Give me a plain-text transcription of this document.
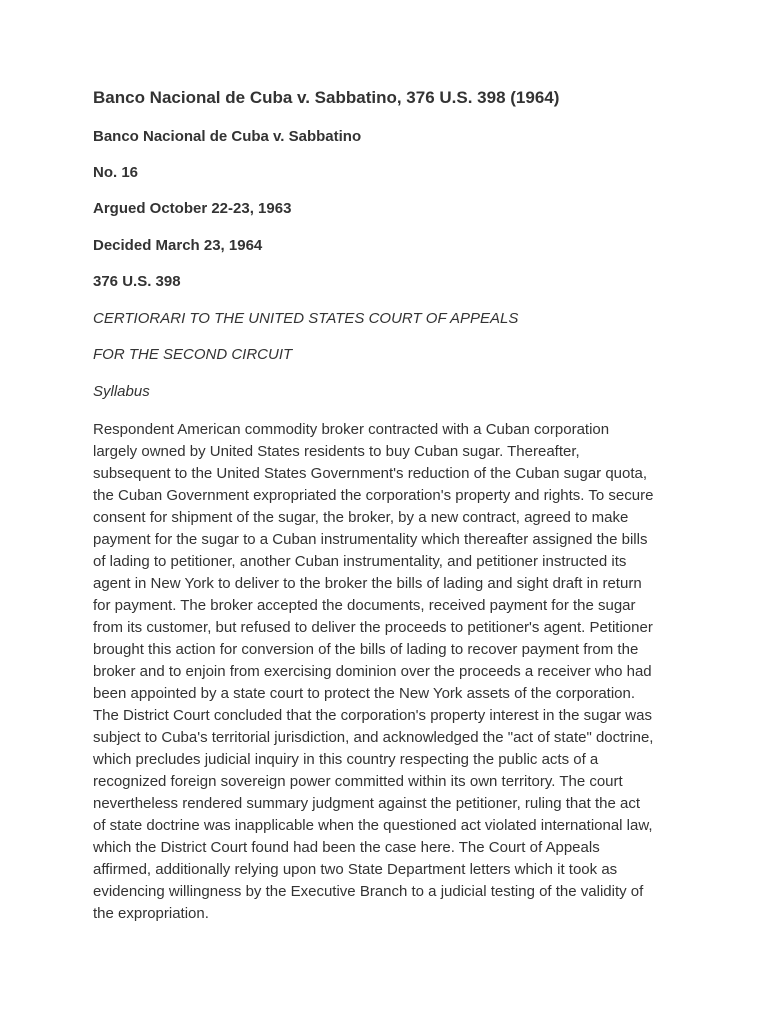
Banco Nacional de Cuba v. Sabbatino, 376 U.S. 398 (1964)

Banco Nacional de Cuba v. Sabbatino

No. 16

Argued October 22-23, 1963

Decided March 23, 1964

376 U.S. 398

CERTIORARI TO THE UNITED STATES COURT OF APPEALS

FOR THE SECOND CIRCUIT

Syllabus

Respondent American commodity broker contracted with a Cuban corporation
largely owned by United States residents to buy Cuban sugar. Thereafter,
subsequent to the United States Government's reduction of the Cuban sugar quota,
the Cuban Government expropriated the corporation's property and rights. To secure
consent for shipment of the sugar, the broker, by a new contract, agreed to make
payment for the sugar to a Cuban instrumentality which thereafter assigned the bills
of lading to petitioner, another Cuban instrumentality, and petitioner instructed its
agent in New York to deliver to the broker the bills of lading and sight draft in return
for payment. The broker accepted the documents, received payment for the sugar
from its customer, but refused to deliver the proceeds to petitioner's agent. Petitioner
brought this action for conversion of the bills of lading to recover payment from the
broker and to enjoin from exercising dominion over the proceeds a receiver who had
been appointed by a state court to protect the New York assets of the corporation.
The District Court concluded that the corporation's property interest in the sugar was
subject to Cuba's territorial jurisdiction, and acknowledged the "act of state" doctrine,
which precludes judicial inquiry in this country respecting the public acts of a
recognized foreign sovereign power committed within its own territory. The court
nevertheless rendered summary judgment against the petitioner, ruling that the act
of state doctrine was inapplicable when the questioned act violated international law,
which the District Court found had been the case here. The Court of Appeals
affirmed, additionally relying upon two State Department letters which it took as
evidencing willingness by the Executive Branch to a judicial testing of the validity of
the expropriation.
